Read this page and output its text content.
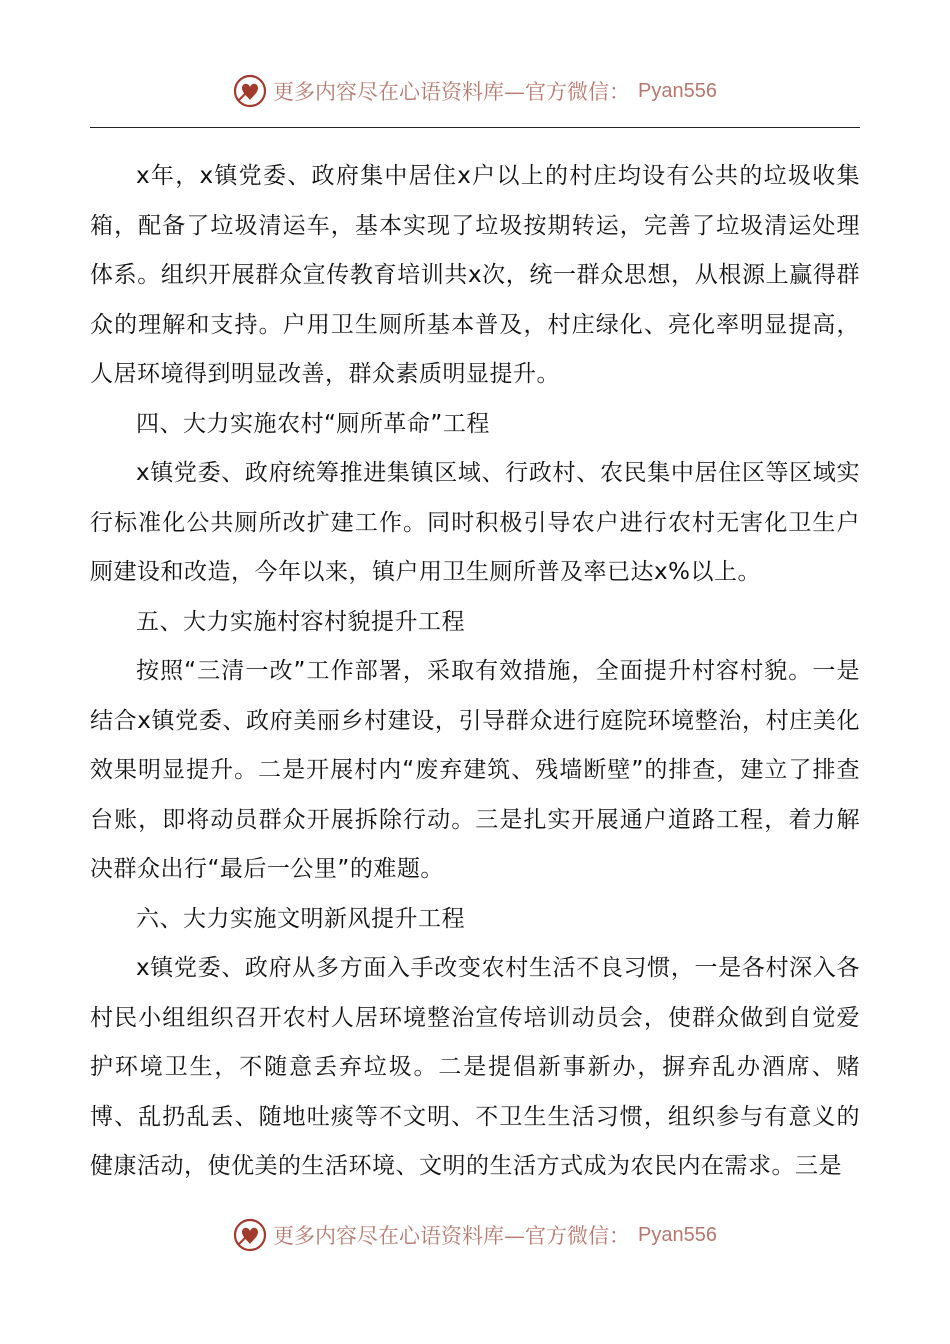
更多内容尽在心语资料库—官方微信： Pyan556

x年，x镇党委、政府集中居住x户以上的村庄均设有公共的垃圾收集箱，配备了垃圾清运车，基本实现了垃圾按期转运，完善了垃圾清运处理体系。组织开展群众宣传教育培训共x次，统一群众思想，从根源上赢得群众的理解和支持。户用卫生厕所基本普及，村庄绿化、亮化率明显提高，人居环境得到明显改善，群众素质明显提升。

四、大力实施农村“厕所革命”工程

x镇党委、政府统筹推进集镇区域、行政村、农民集中居住区等区域实行标准化公共厕所改扩建工作。同时积极引导农户进行农村无害化卫生户厕建设和改造，今年以来，镇户用卫生厕所普及率已达x%以上。

五、大力实施村容村貌提升工程

按照“三清一改”工作部署，采取有效措施，全面提升村容村貌。一是结合x镇党委、政府美丽乡村建设，引导群众进行庭院环境整治，村庄美化效果明显提升。二是开展村内“废弃建筑、残墙断壁”的排查，建立了排查台账，即将动员群众开展拆除行动。三是扎实开展通户道路工程，着力解决群众出行“最后一公里”的难题。

六、大力实施文明新风提升工程

x镇党委、政府从多方面入手改变农村生活不良习惯，一是各村深入各村民小组组织召开农村人居环境整治宣传培训动员会，使群众做到自觉爱护环境卫生，不随意丢弃垃圾。二是提倡新事新办，摒弃乱办酒席、赌博、乱扔乱丢、随地吐痰等不文明、不卫生生活习惯，组织参与有意义的健康活动，使优美的生活环境、文明的生活方式成为农民内在需求。三是

更多内容尽在心语资料库—官方微信： Pyan556
